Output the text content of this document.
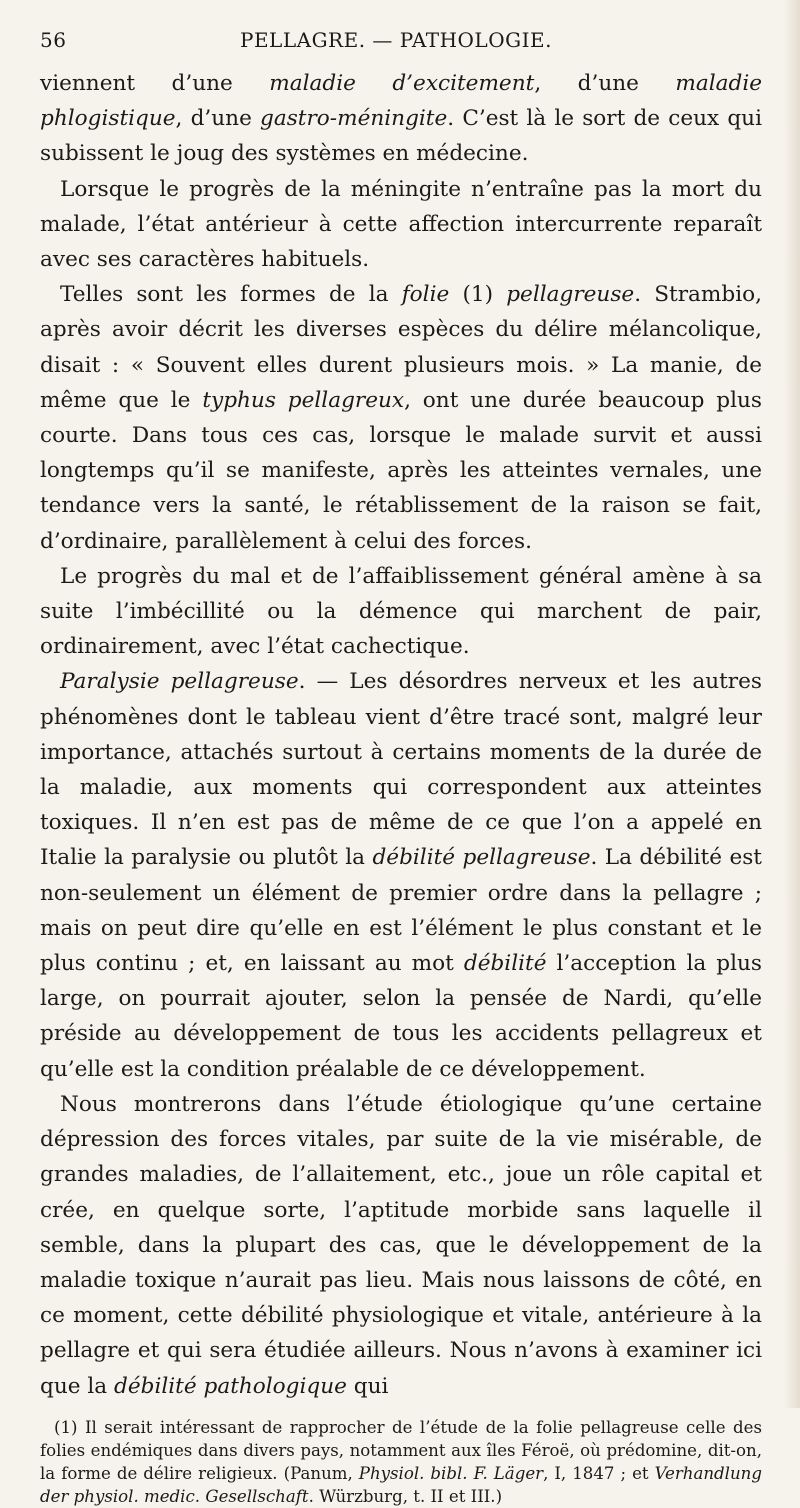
56	PELLAGRE. — PATHOLOGIE.

viennent d’une maladie d’excitement, d’une maladie phlogistique, d’une gastro-méningite. C’est là le sort de ceux qui subissent le joug des systèmes en médecine.

Lorsque le progrès de la méningite n’entraîne pas la mort du malade, l’état antérieur à cette affection intercurrente reparaît avec ses caractères habituels.

Telles sont les formes de la folie (1) pellagreuse. Strambio, après avoir décrit les diverses espèces du délire mélancolique, disait : « Souvent elles durent plusieurs mois. » La manie, de même que le typhus pellagreux, ont une durée beaucoup plus courte. Dans tous ces cas, lorsque le malade survit et aussi longtemps qu’il se manifeste, après les atteintes vernales, une tendance vers la santé, le rétablissement de la raison se fait, d’ordinaire, parallèlement à celui des forces.

Le progrès du mal et de l’affaiblissement général amène à sa suite l’imbécillité ou la démence qui marchent de pair, ordinairement, avec l’état cachectique.

Paralysie pellagreuse. — Les désordres nerveux et les autres phénomènes dont le tableau vient d’être tracé sont, malgré leur importance, attachés surtout à certains moments de la durée de la maladie, aux moments qui correspondent aux atteintes toxiques. Il n’en est pas de même de ce que l’on a appelé en Italie la paralysie ou plutôt la débilité pellagreuse. La débilité est non-seulement un élément de premier ordre dans la pellagre ; mais on peut dire qu’elle en est l’élément le plus constant et le plus continu ; et, en laissant au mot débilité l’acception la plus large, on pourrait ajouter, selon la pensée de Nardi, qu’elle préside au développement de tous les accidents pellagreux et qu’elle est la condition préalable de ce développement.

Nous montrerons dans l’étude étiologique qu’une certaine dépression des forces vitales, par suite de la vie misérable, de grandes maladies, de l’allaitement, etc., joue un rôle capital et crée, en quelque sorte, l’aptitude morbide sans laquelle il semble, dans la plupart des cas, que le développement de la maladie toxique n’aurait pas lieu. Mais nous laissons de côté, en ce moment, cette débilité physiologique et vitale, antérieure à la pellagre et qui sera étudiée ailleurs. Nous n’avons à examiner ici que la débilité pathologique qui

(1) Il serait intéressant de rapprocher de l’étude de la folie pellagreuse celle des folies endémiques dans divers pays, notamment aux îles Féroë, où prédomine, dit-on, la forme de délire religieux. (Panum, Physiol. bibl. F. Läger, I, 1847 ; et Verhandlung der physiol. medic. Gesellschaft. Würzburg, t. II et III.)
